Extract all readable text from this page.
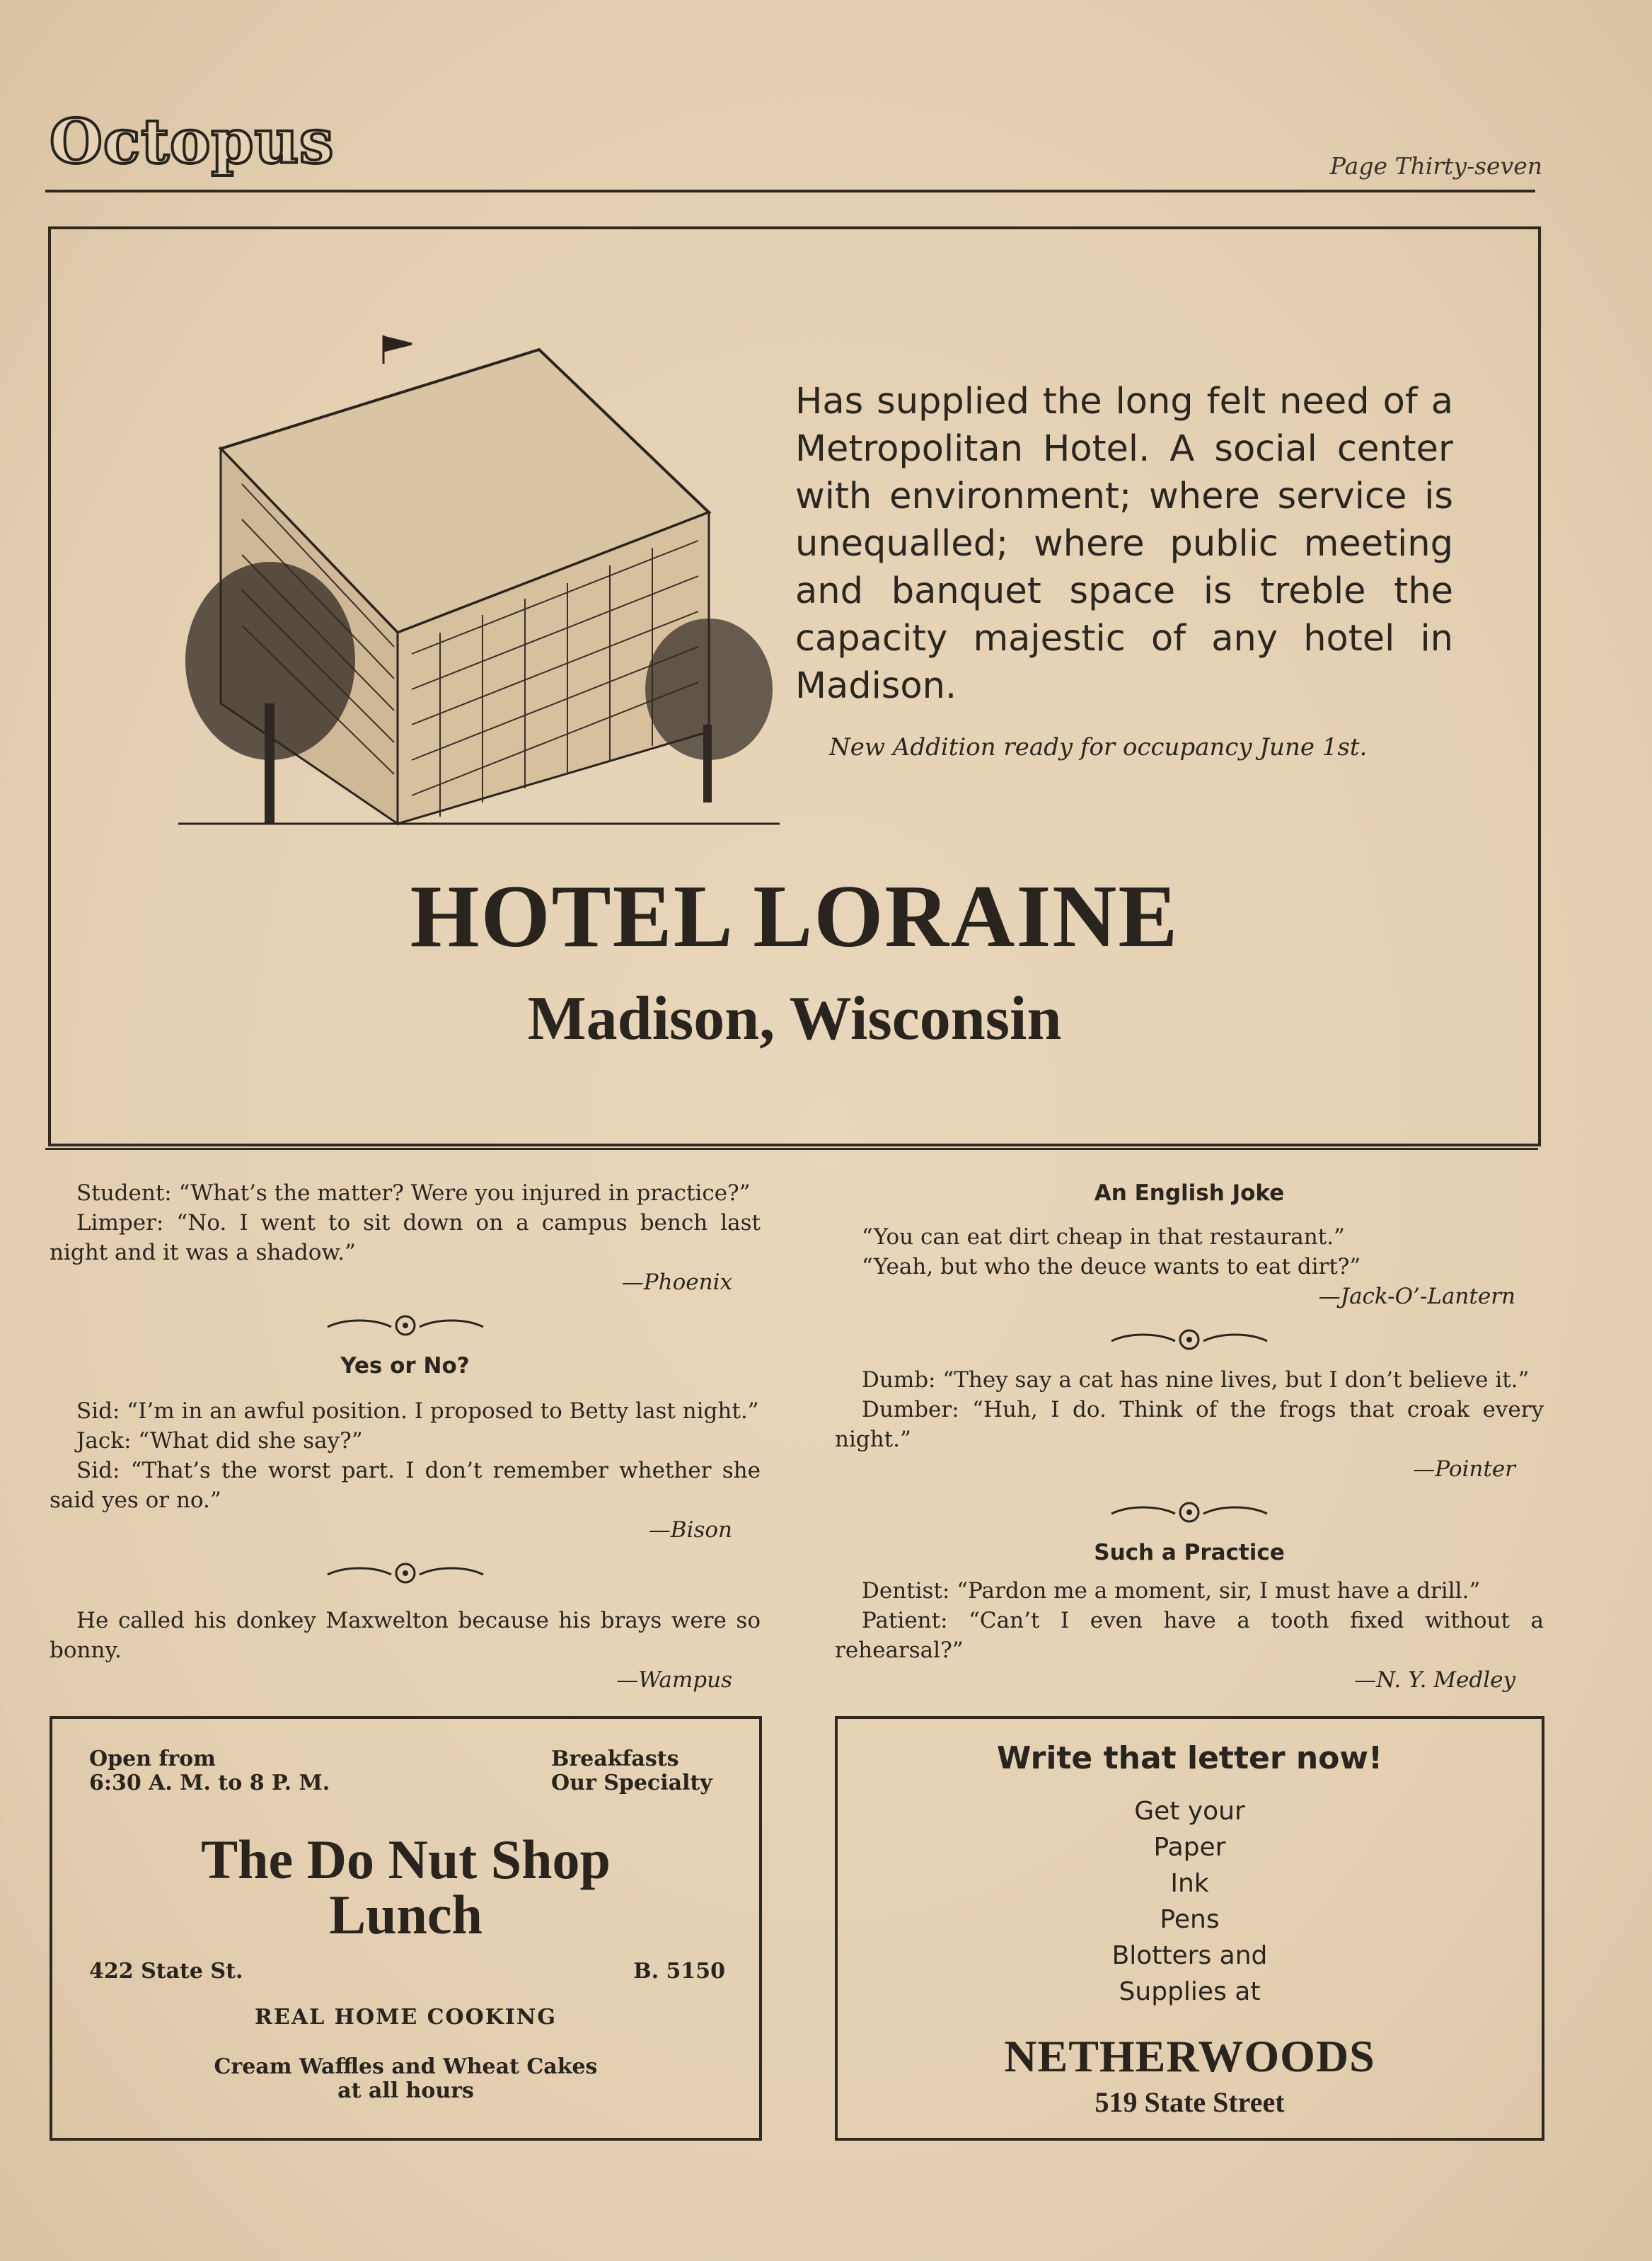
Octopus	Page Thirty-seven
Has supplied the long felt need of a Metropolitan Hotel. A social center with environment; where service is unequalled; where public meeting and banquet space is treble the capacity majestic of any hotel in Madison.
New Addition ready for occupancy June 1st.
HOTEL LORAINE
Madison, Wisconsin

Student: “What’s the matter? Were you injured in practice?”

Limper: “No. I went to sit down on a campus bench last night and it was a shadow.”

—Phoenix

Yes or No?

Sid: “I’m in an awful position. I proposed to Betty last night.”

Jack: “What did she say?”

Sid: “That’s the worst part. I don’t remember whether she said yes or no.”

—Bison

He called his donkey Maxwelton because his brays were so bonny.

—Wampus

An English Joke

“You can eat dirt cheap in that restaurant.”

“Yeah, but who the deuce wants to eat dirt?”

—Jack-O’-Lantern

Dumb: “They say a cat has nine lives, but I don’t believe it.”

Dumber: “Huh, I do. Think of the frogs that croak every night.”

—Pointer

Such a Practice

Dentist: “Pardon me a moment, sir, I must have a drill.”

Patient: “Can’t I even have a tooth fixed without a rehearsal?”

—N. Y. Medley

Open from
6:30 A. M. to 8 P. M.
Breakfasts
Our Specialty
The Do Nut Shop
Lunch
422 State St.	B. 5150
REAL HOME COOKING
Cream Waffles and Wheat Cakes
at all hours
Write that letter now!
Get your
Paper
Ink
Pens
Blotters and
Supplies at
NETHERWOODS
519 State Street
